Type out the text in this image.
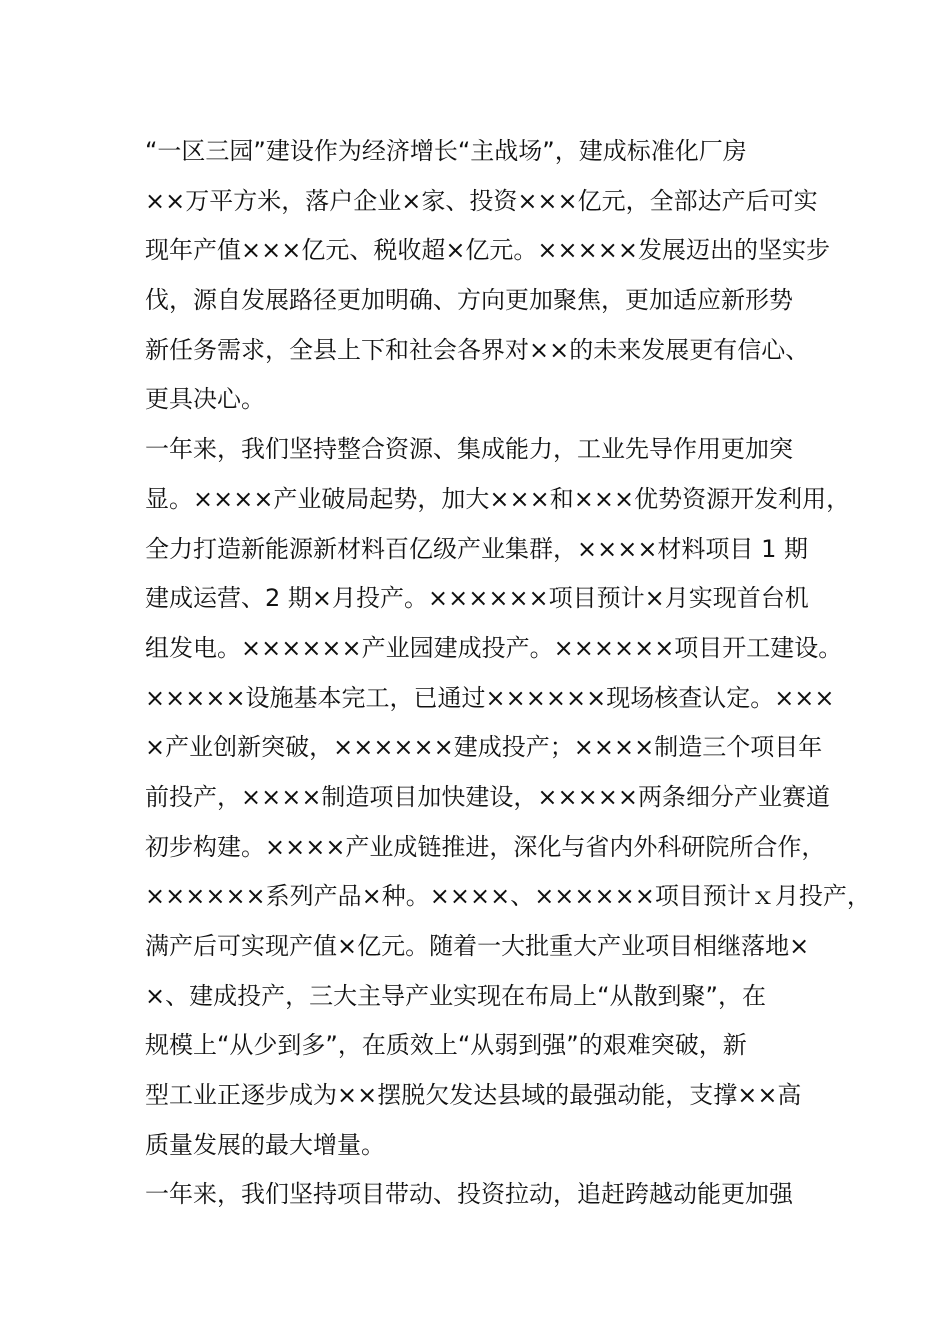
“一区三园”建设作为经济增长“主战场”，建成标准化厂房
××万平方米，落户企业×家、投资×××亿元，全部达产后可实
现年产值×××亿元、税收超×亿元。×××××发展迈出的坚实步
伐，源自发展路径更加明确、方向更加聚焦，更加适应新形势
新任务需求，全县上下和社会各界对××的未来发展更有信心、
更具决心。
一年来，我们坚持整合资源、集成能力，工业先导作用更加突
显。××××产业破局起势，加大×××和×××优势资源开发利用，
全力打造新能源新材料百亿级产业集群，××××材料项目 1 期
建成运营、2 期×月投产。××××××项目预计×月实现首台机
组发电。××××××产业园建成投产。××××××项目开工建设。
×××××设施基本完工，已通过××××××现场核查认定。×××
×产业创新突破，××××××建成投产；××××制造三个项目年
前投产，××××制造项目加快建设，×××××两条细分产业赛道
初步构建。××××产业成链推进，深化与省内外科研院所合作，
××××××系列产品×种。××××、××××××项目预计ｘ月投产，
满产后可实现产值×亿元。随着一大批重大产业项目相继落地×
×、建成投产，三大主导产业实现在布局上“从散到聚”，在
规模上“从少到多”，在质效上“从弱到强”的艰难突破，新
型工业正逐步成为××摆脱欠发达县域的最强动能，支撑××高
质量发展的最大增量。
一年来，我们坚持项目带动、投资拉动，追赶跨越动能更加强
